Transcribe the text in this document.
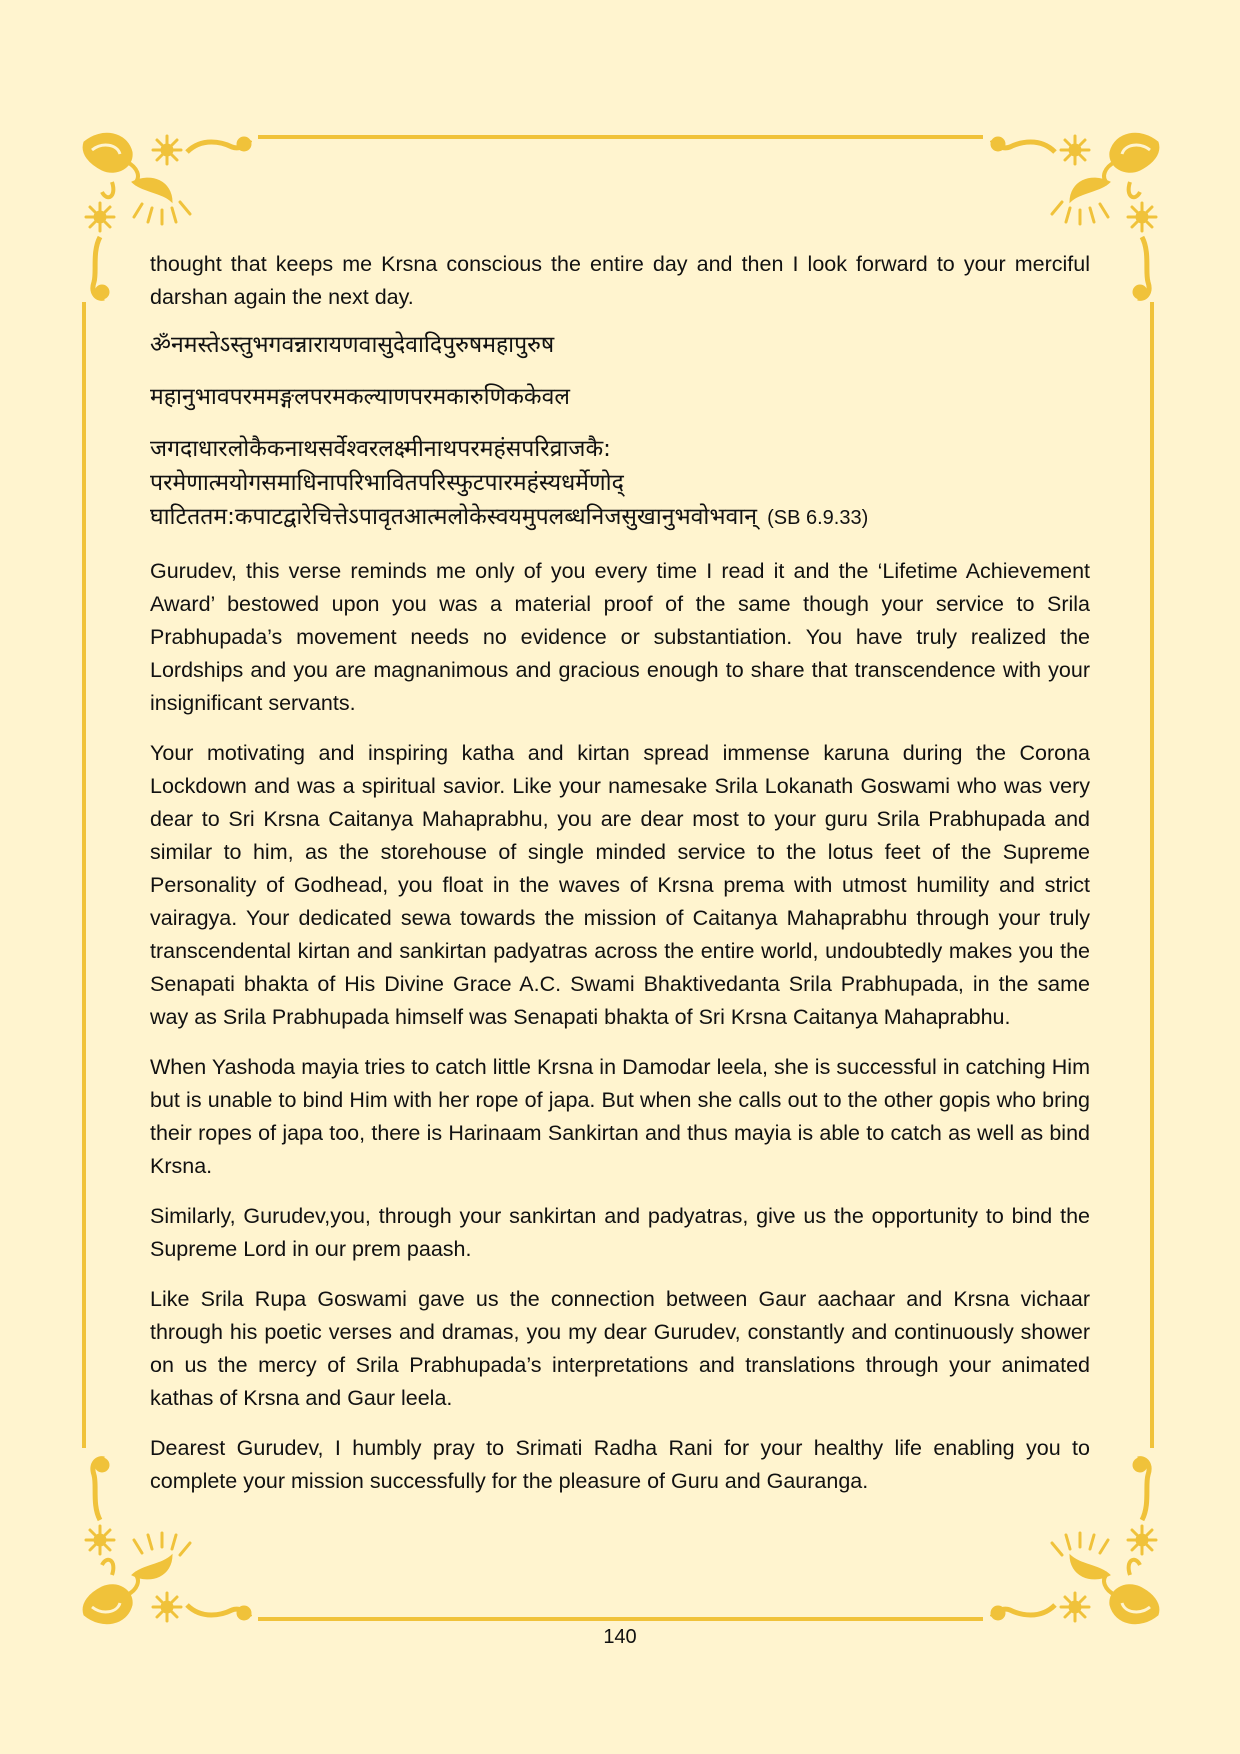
thought that keeps me Krsna conscious the entire day and then I look forward to your merciful darshan again the next day.

ॐनमस्तेऽस्तुभगवन्नारायणवासुदेवादिपुरुषमहापुरुष
महानुभावपरममङ्गलपरमकल्याणपरमकारुणिककेवल
जगदाधारलोकैकनाथसर्वेश्वरलक्ष्मीनाथपरमहंसपरिव्राजकै:
परमेणात्मयोगसमाधिनापरिभावितपरिस्फुटपारमहंस्यधर्मेणोद्
घाटिततम:कपाटद्वारेचित्तेऽपावृतआत्मलोकेस्वयमुपलब्धनिजसुखानुभवोभवान् (SB 6.9.33)

Gurudev, this verse reminds me only of you every time I read it and the ‘Lifetime Achievement Award’ bestowed upon you was a material proof of the same though your service to Srila Prabhupada’s movement needs no evidence or substantiation. You have truly realized the Lordships and you are magnanimous and gracious enough to share that transcendence with your insignificant servants.

Your motivating and inspiring katha and kirtan spread immense karuna during the Corona Lockdown and was a spiritual savior. Like your namesake Srila Lokanath Goswami who was very dear to Sri Krsna Caitanya Mahaprabhu, you are dear most to your guru Srila Prabhupada and similar to him, as the storehouse of single minded service to the lotus feet of the Supreme Personality of Godhead, you float in the waves of Krsna prema with utmost humility and strict vairagya. Your dedicated sewa towards the mission of Caitanya Mahaprabhu through your truly transcendental kirtan and sankirtan padyatras across the entire world, undoubtedly makes you the Senapati bhakta of His Divine Grace A.C. Swami Bhaktivedanta Srila Prabhupada, in the same way as Srila Prabhupada himself was Senapati bhakta of Sri Krsna Caitanya Mahaprabhu.

When Yashoda mayia tries to catch little Krsna in Damodar leela, she is successful in catching Him but is unable to bind Him with her rope of japa. But when she calls out to the other gopis who bring their ropes of japa too, there is Harinaam Sankirtan and thus mayia is able to catch as well as bind Krsna.

Similarly, Gurudev,you, through your sankirtan and padyatras, give us the opportunity to bind the Supreme Lord in our prem paash.

Like Srila Rupa Goswami gave us the connection between Gaur aachaar and Krsna vichaar through his poetic verses and dramas, you my dear Gurudev, constantly and continuously shower on us the mercy of Srila Prabhupada’s interpretations and translations through your animated kathas of Krsna and Gaur leela.

Dearest Gurudev, I humbly pray to Srimati Radha Rani for your healthy life enabling you to complete your mission successfully for the pleasure of Guru and Gauranga.

140
